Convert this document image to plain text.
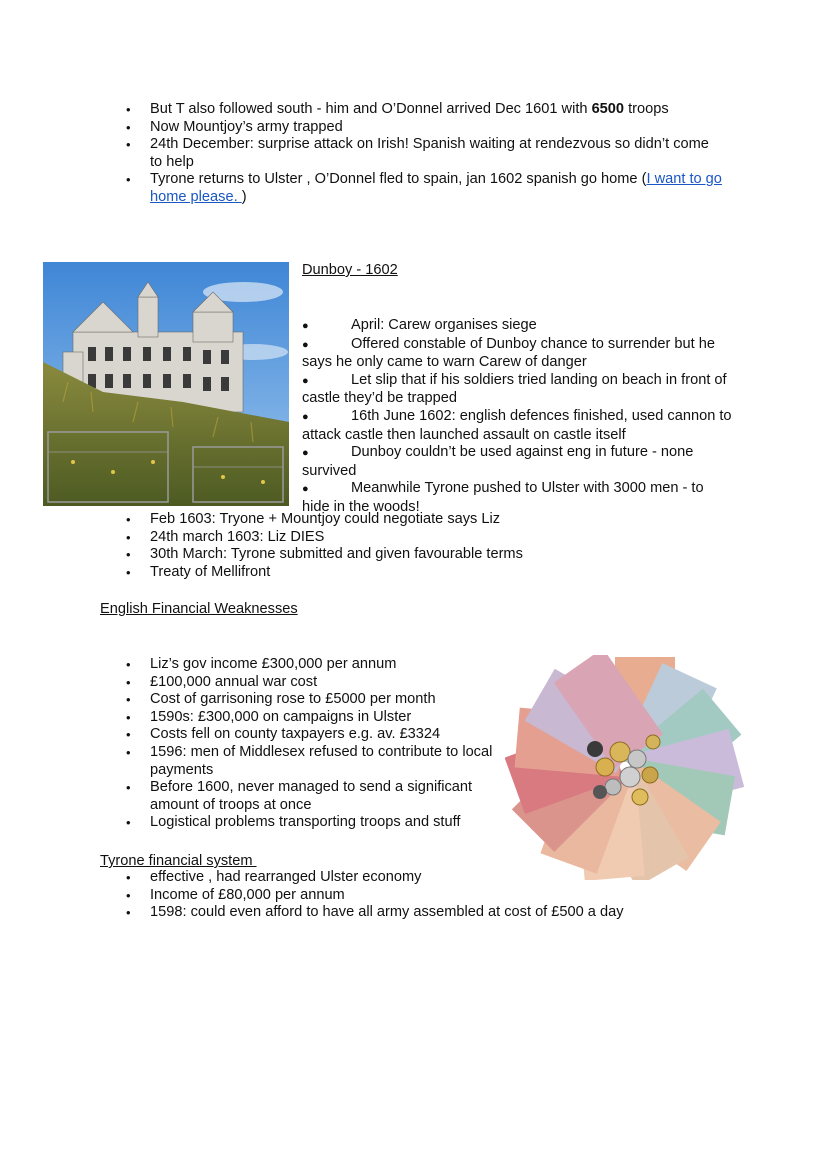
• But T also followed south - him and O’Donnel arrived Dec 1601 with 6500 troops
• Now Mountjoy’s army trapped
• 24th December: surprise attack on Irish! Spanish waiting at rendezvous so didn’t come to help
• Tyrone returns to Ulster , O’Donnel fled to spain, jan 1602 spanish go home (I want to go home please. )
Dunboy - 1602
●	April: Carew organises siege
●	Offered constable of Dunboy chance to surrender but he says he only came to warn Carew of danger
●	Let slip that if his soldiers tried landing on beach in front of castle they’d be trapped
●	16th June 1602: english defences finished, used cannon to attack castle then launched assault on castle itself
●	Dunboy couldn’t be used against eng in future - none survived
●	Meanwhile Tyrone pushed to Ulster with 3000 men - to hide in the woods!
• Feb 1603: Tryone + Mountjoy could negotiate says Liz
• 24th march 1603: Liz DIES
• 30th March: Tyrone submitted and given favourable terms
• Treaty of Mellifront
English Financial Weaknesses
• Liz’s gov income £300,000 per annum
• £100,000 annual war cost
• Cost of garrisoning rose to £5000 per month
• 1590s: £300,000 on campaigns in Ulster
• Costs fell on county taxpayers e.g. av. £3324
• 1596: men of Middlesex refused to contribute to local payments
• Before 1600, never managed to send a significant amount of troops at once
• Logistical problems transporting troops and stuff
Tyrone financial system
• effective , had rearranged Ulster economy
• Income of £80,000 per annum
• 1598: could even afford to have all army assembled at cost of £500 a day
